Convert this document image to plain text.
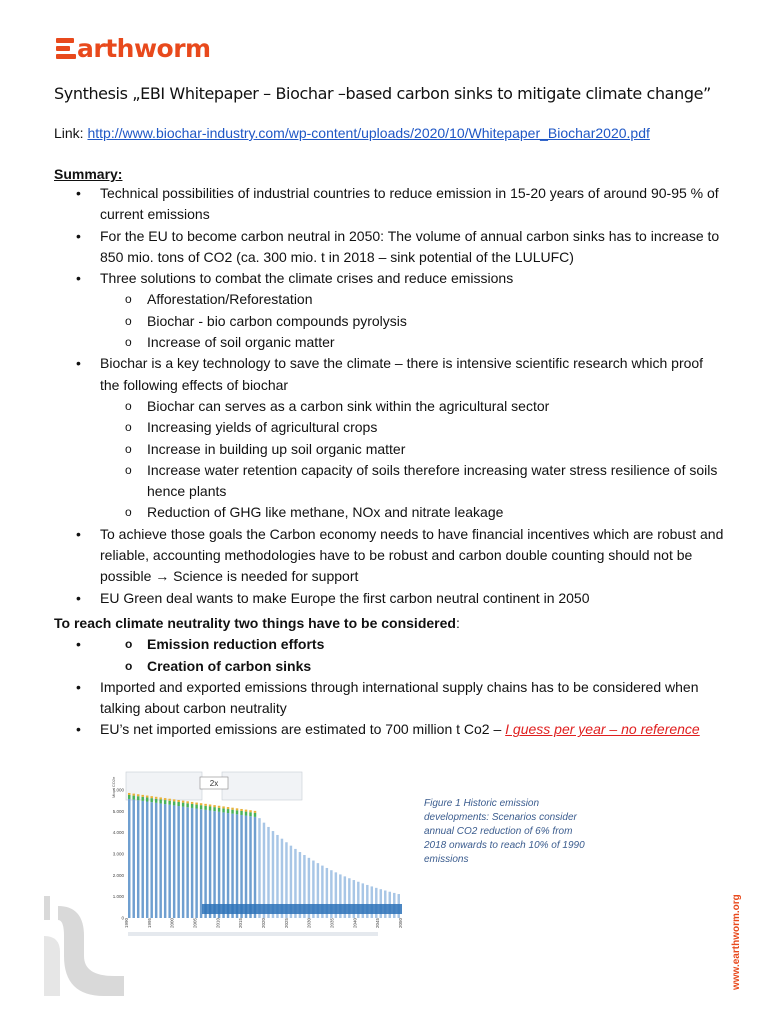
arthworm
Synthesis „EBI Whitepaper – Biochar –based carbon sinks to mitigate climate change”
Link: http://www.biochar-industry.com/wp-content/uploads/2020/10/Whitepaper_Biochar2020.pdf
Summary:
• Technical possibilities of industrial countries to reduce emission in 15-20 years of around 90-95 % of current emissions
• For the EU to become carbon neutral in 2050: The volume of annual carbon sinks has to increase to 850 mio. tons of CO2 (ca. 300 mio. t in 2018 – sink potential of the LULUFC)
• Three solutions to combat the climate crises and reduce emissions
o Afforestation/Reforestation
o Biochar - bio carbon compounds pyrolysis
o Increase of soil organic matter
• Biochar is a key technology to save the climate – there is intensive scientific research which proof the following effects of biochar
o Biochar can serves as a carbon sink within the agricultural sector
o Increasing yields of agricultural crops
o Increase in building up soil organic matter
o Increase water retention capacity of soils therefore increasing water stress resilience of soils hence plants
o Reduction of GHG like methane, NOx and nitrate leakage
• To achieve those goals the Carbon economy needs to have financial incentives which are robust and reliable, accounting methodologies have to be robust and carbon double counting should not be possible → Science is needed for support
• EU Green deal wants to make Europe the first carbon neutral continent in 2050
To reach climate neutrality two things have to be considered:
o • Emission reduction efforts
o Creation of carbon sinks
• Imported and exported emissions through international supply chains has to be considered when talking about carbon neutrality
• EU’s net imported emissions are estimated to 700 million t Co2 – I guess per year – no reference
2x
Mio. t CO2e
6.000
5.000
4.000
3.000
2.000
1.000
0 1990	1995	2000	2005	2010	2015	2020	2025	2030	2035	2040	2045	2050
Figure 1 Historic emission developments: Scenarios consider annual CO2 reduction of 6% from 2018 onwards to reach 10% of 1990 emissions
www.earthworm.org
